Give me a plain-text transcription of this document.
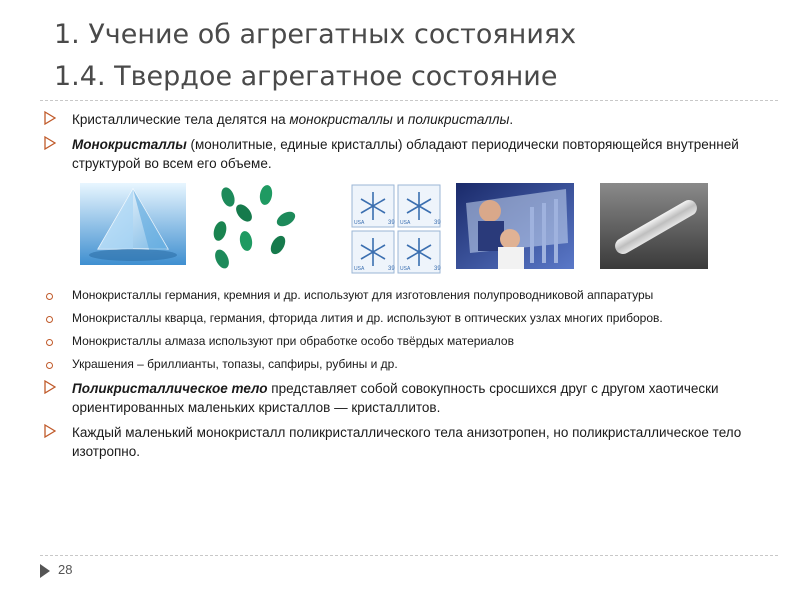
1. Учение об агрегатных состояниях
1.4. Твердое агрегатное состояние

Кристаллические тела делятся на монокристаллы и поликристаллы.

Монокристаллы (монолитные, единые кристаллы) обладают периодически повторяющейся внутренней структурой во всем его объеме.

39	39
39	39
USA	USA
USA	USA
Монокристаллы германия, кремния и др. используют для изготовления полупроводниковой аппаратуры
Монокристаллы кварца, германия, фторида лития и др. используют в оптических узлах многих приборов.
Монокристаллы алмаза используют при обработке особо твёрдых материалов
Украшения – бриллианты, топазы, сапфиры, рубины и др.

Поликристаллическое тело представляет собой совокупность сросшихся друг с другом хаотически ориентированных маленьких кристаллов — кристаллитов.

Каждый маленький монокристалл поликристаллического тела анизотропен, но поликристаллическое тело изотропно.

28
